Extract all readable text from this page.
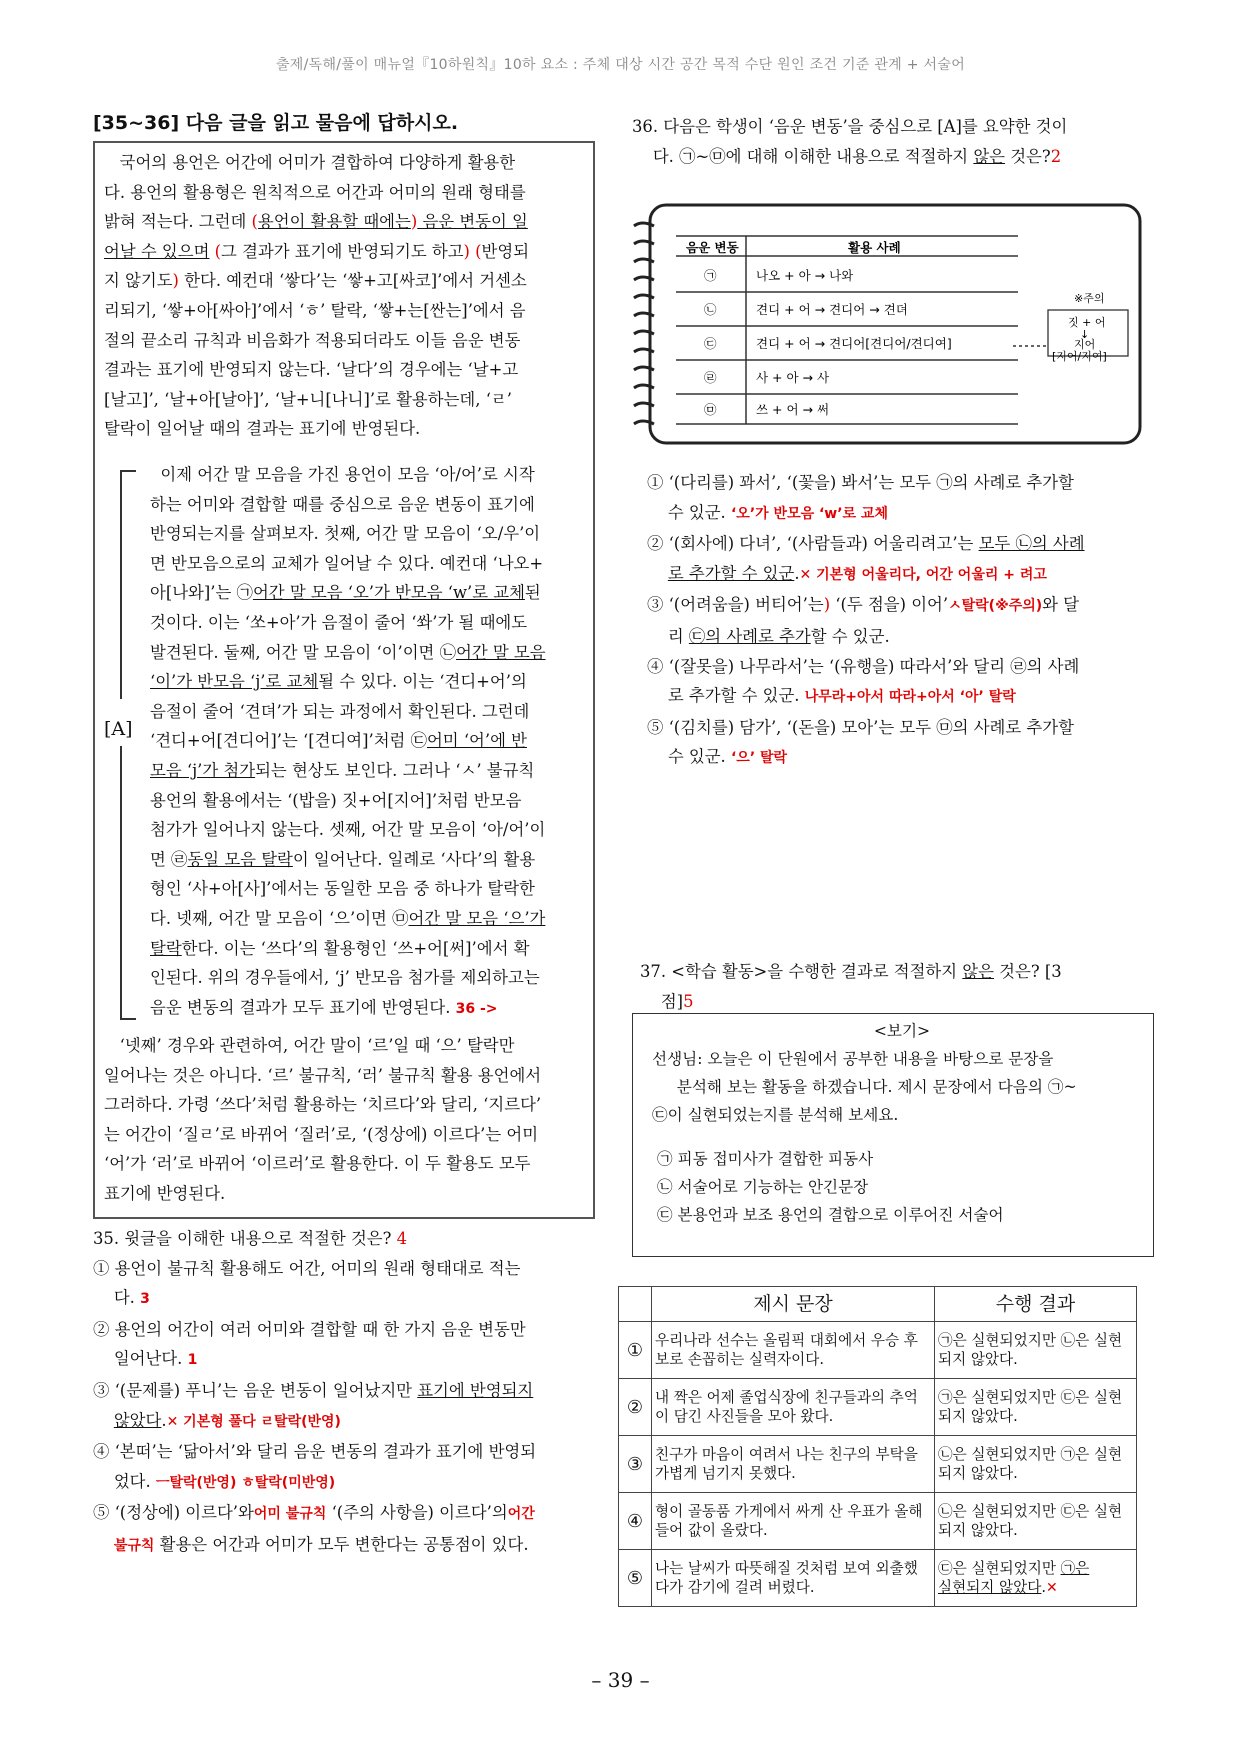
출제/독해/풀이 매뉴얼『10하원칙』10하 요소 : 주체 대상 시간 공간 목적 수단 원인 조건 기준 관계 + 서술어
[35~36] 다음 글을 읽고 물음에 답하시오.
국어의 용언은 어간에 어미가 결합하여 다양하게 활용한
다. 용언의 활용형은 원칙적으로 어간과 어미의 원래 형태를
밝혀 적는다. 그런데 (용언이 활용할 때에는) 음운 변동이 일
어날 수 있으며 (그 결과가 표기에 반영되기도 하고) (반영되
지 않기도) 한다. 예컨대 ‘쌓다’는 ‘쌓+고[싸코]’에서 거센소
리되기, ‘쌓+아[싸아]’에서 ‘ㅎ’ 탈락, ‘쌓+는[싼는]’에서 음
절의 끝소리 규칙과 비음화가 적용되더라도 이들 음운 변동
결과는 표기에 반영되지 않는다. ‘날다’의 경우에는 ‘날+고
[날고]’, ‘날+아[날아]’, ‘날+니[나니]’로 활용하는데, ‘ㄹ’
탈락이 일어날 때의 결과는 표기에 반영된다.
[A]
이제 어간 말 모음을 가진 용언이 모음 ‘아/어’로 시작
하는 어미와 결합할 때를 중심으로 음운 변동이 표기에
반영되는지를 살펴보자. 첫째, 어간 말 모음이 ‘오/우’이
면 반모음으로의 교체가 일어날 수 있다. 예컨대 ‘나오+
아[나와]’는 ㉠어간 말 모음 ‘오’가 반모음 ‘w’로 교체된
것이다. 이는 ‘쏘+아’가 음절이 줄어 ‘쏴’가 될 때에도
발견된다. 둘째, 어간 말 모음이 ‘이’이면 ㉡어간 말 모음
‘이’가 반모음 ‘j’로 교체될 수 있다. 이는 ‘견디+어’의
음절이 줄어 ‘견뎌’가 되는 과정에서 확인된다. 그런데
‘견디+어[견디어]’는 ‘[견디여]’처럼 ㉢어미 ‘어’에 반
모음 ‘j’가 첨가되는 현상도 보인다. 그러나 ‘ㅅ’ 불규칙
용언의 활용에서는 ‘(밥을) 짓+어[지어]’처럼 반모음
첨가가 일어나지 않는다. 셋째, 어간 말 모음이 ‘아/어’이
면 ㉣동일 모음 탈락이 일어난다. 일례로 ‘사다’의 활용
형인 ‘사+아[사]’에서는 동일한 모음 중 하나가 탈락한
다. 넷째, 어간 말 모음이 ‘으’이면 ㉤어간 말 모음 ‘으’가
탈락한다. 이는 ‘쓰다’의 활용형인 ‘쓰+어[써]’에서 확
인된다. 위의 경우들에서, ‘j’ 반모음 첨가를 제외하고는
음운 변동의 결과가 모두 표기에 반영된다. 36 ->
‘넷째’ 경우와 관련하여, 어간 말이 ‘르’일 때 ‘으’ 탈락만
일어나는 것은 아니다. ‘르’ 불규칙, ‘러’ 불규칙 활용 용언에서
그러하다. 가령 ‘쓰다’처럼 활용하는 ‘치르다’와 달리, ‘지르다’
는 어간이 ‘질ㄹ’로 바뀌어 ‘질러’로, ‘(정상에) 이르다’는 어미
‘어’가 ‘러’로 바뀌어 ‘이르러’로 활용한다. 이 두 활용도 모두
표기에 반영된다.
35. 윗글을 이해한 내용으로 적절한 것은? 4
① 용언이 불규칙 활용해도 어간, 어미의 원래 형태대로 적는
다. 3
② 용언의 어간이 여러 어미와 결합할 때 한 가지 음운 변동만
일어난다. 1
③ ‘(문제를) 푸니’는 음운 변동이 일어났지만 표기에 반영되지
않았다.✕ 기본형 풀다 ㄹ탈락(반영)
④ ‘본떠’는 ‘닮아서’와 달리 음운 변동의 결과가 표기에 반영되
었다. ㅡ탈락(반영) ㅎ탈락(미반영)
⑤ ‘(정상에) 이르다’와어미 불규칙 ‘(주의 사항을) 이르다’의어간
불규칙 활용은 어간과 어미가 모두 변한다는 공통점이 있다.
36. 다음은 학생이 ‘음운 변동’을 중심으로 [A]를 요약한 것이
다. ㉠~㉤에 대해 이해한 내용으로 적절하지 않은 것은?2
음운 변동	활용 사례
㉠	나오 + 아 → 나와
㉡	견디 + 어 → 견디어 → 견뎌
㉢	견디 + 어 → 견디어[견디어/견디여]
㉣	사 + 아 → 사
㉤	쓰 + 어 → 써
※주의
짓 + 어
↓
지어
[지어/지여]
① ‘(다리를) 꽈서’, ‘(꽃을) 봐서’는 모두 ㉠의 사례로 추가할
수 있군. ‘오’가 반모음 ‘w’로 교체
② ‘(회사에) 다녀’, ‘(사람들과) 어울리려고’는 모두 ㉡의 사례
로 추가할 수 있군.✕ 기본형 어울리다, 어간 어울리 + 려고
③ ‘(어려움을) 버티어’는) ‘(두 점을) 이어’ㅅ탈락(※주의)와 달
리 ㉢의 사례로 추가할 수 있군.
④ ‘(잘못을) 나무라서’는 ‘(유행을) 따라서’와 달리 ㉣의 사례
로 추가할 수 있군. 나무라+아서 따라+아서 ‘아’ 탈락
⑤ ‘(김치를) 담가’, ‘(돈을) 모아’는 모두 ㉤의 사례로 추가할
수 있군. ‘으’ 탈락
37. <학습 활동>을 수행한 결과로 적절하지 않은 것은? [3
점]5
<보기>
선생님: 오늘은 이 단원에서 공부한 내용을 바탕으로 문장을
분석해 보는 활동을 하겠습니다. 제시 문장에서 다음의 ㉠~
㉢이 실현되었는지를 분석해 보세요.
㉠ 피동 접미사가 결합한 피동사
㉡ 서술어로 기능하는 안긴문장
㉢ 본용언과 보조 용언의 결합으로 이루어진 서술어
	제시 문장	수행 결과
①	우리나라 선수는 올림픽 대회에서 우승 후보로 손꼽히는 실력자이다.	㉠은 실현되었지만 ㉡은 실현되지 않았다.
②	내 짝은 어제 졸업식장에 친구들과의 추억이 담긴 사진들을 모아 왔다.	㉠은 실현되었지만 ㉢은 실현되지 않았다.
③	친구가 마음이 여려서 나는 친구의 부탁을 가볍게 넘기지 못했다.	㉡은 실현되었지만 ㉠은 실현되지 않았다.
④	형이 골동품 가게에서 싸게 산 우표가 올해 들어 값이 올랐다.	㉡은 실현되었지만 ㉢은 실현되지 않았다.
⑤	나는 날씨가 따뜻해질 것처럼 보여 외출했다가 감기에 걸려 버렸다.	㉢은 실현되었지만 ㉠은
실현되지 않았다.✕
– 39 –
